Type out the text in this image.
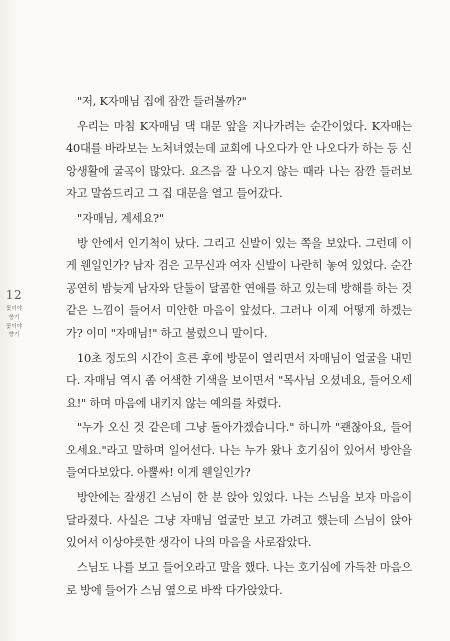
12
꽃이야
향기
꽃이야
향기

"저, K자매님 집에 잠깐 들러볼까?"

우리는 마침 K자매님 댁 대문 앞을 지나가려는 순간이었다. K자매는 40대를 바라보는 노처녀였는데 교회에 나오다가 안 나오다가 하는 등 신앙생활에 굴곡이 많았다. 요즈음 잘 나오지 않는 때라 나는 잠깐 들러보자고 말씀드리고 그 집 대문을 열고 들어갔다.

"자매님, 계세요?"

방 안에서 인기척이 났다. 그리고 신발이 있는 쪽을 보았다. 그런데 이게 웬일인가? 남자 검은 고무신과 여자 신발이 나란히 놓여 있었다. 순간 공연히 밤늦게 남자와 단둘이 달콤한 연애를 하고 있는데 방해를 하는 것 같은 느낌이 들어서 미안한 마음이 앞섰다. 그러나 이제 어떻게 하겠는가? 이미 "자매님!" 하고 불렀으니 말이다.

10초 정도의 시간이 흐른 후에 방문이 열리면서 자매님이 얼굴을 내민다. 자매님 역시 좀 어색한 기색을 보이면서 "목사님 오셨네요, 들어오세요!" 하며 마음에 내키지 않는 예의를 차렸다.

"누가 오신 것 같은데 그냥 돌아가겠습니다." 하니까 "괜찮아요, 들어오세요."라고 말하며 일어선다. 나는 누가 왔나 호기심이 있어서 방안을 들여다보았다. 아뿔싸! 이게 웬일인가?

방안에는 잘생긴 스님이 한 분 앉아 있었다. 나는 스님을 보자 마음이 달라졌다. 사실은 그냥 자매님 얼굴만 보고 가려고 했는데 스님이 앉아 있어서 이상야릇한 생각이 나의 마음을 사로잡았다.

스님도 나를 보고 들어오라고 말을 했다. 나는 호기심에 가득찬 마음으로 방에 들어가 스님 옆으로 바싹 다가앉았다.
